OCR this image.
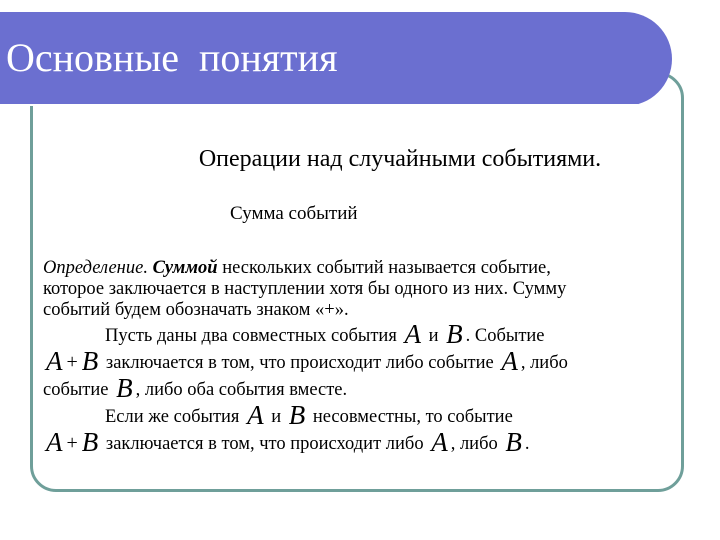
Основные  понятия
Операции над случайными событиями.
Сумма событий
Определение. Суммой нескольких событий называется событие,
которое заключается в наступлении хотя бы одного из них. Сумму
событий будем обозначать знаком «+».
Пусть даны два совместных события A и B . Событие
A + B заключается в том, что происходит либо событие A , либо
событие B , либо оба события вместе.
Если же события A и B несовместны, то событие
A + B заключается в том, что происходит либо A , либо B .
